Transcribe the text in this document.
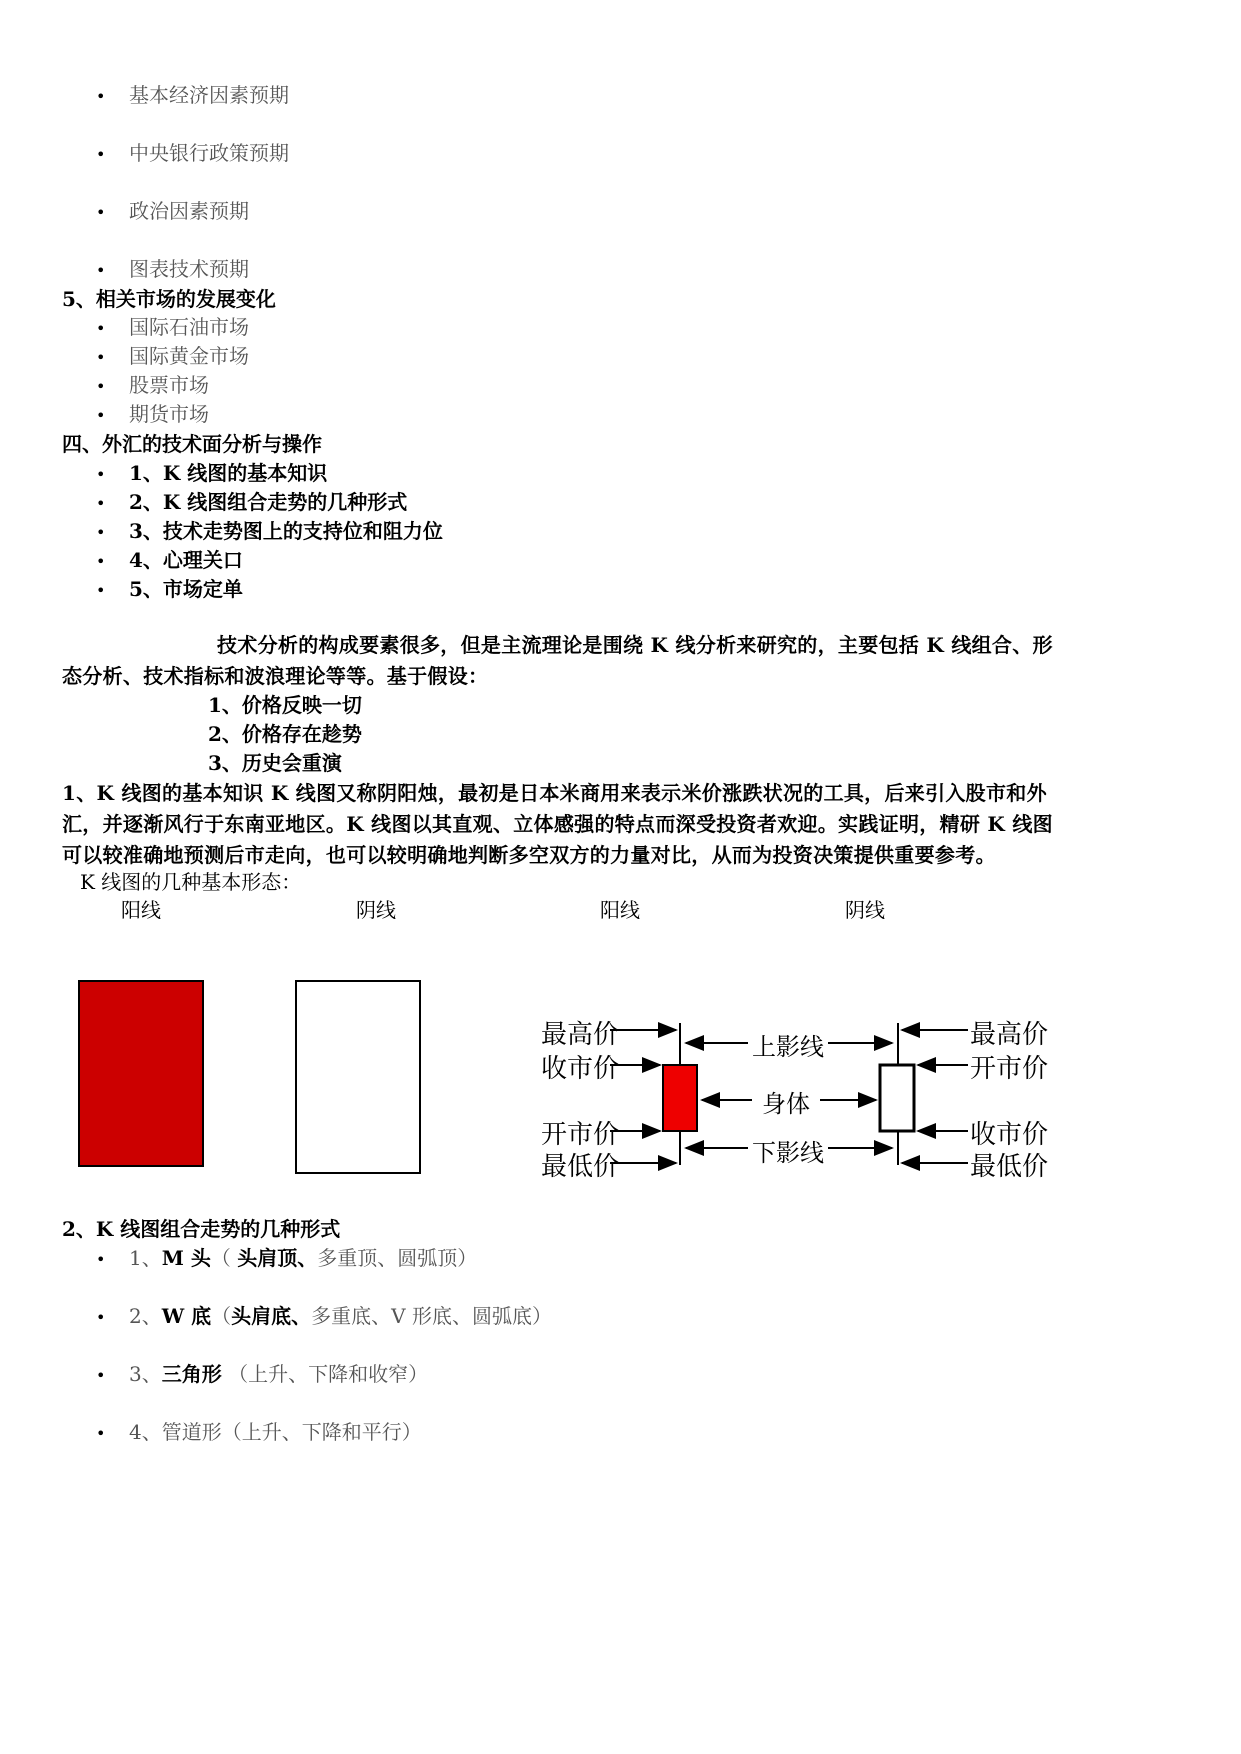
• 基本经济因素预期
• 中央银行政策预期
• 政治因素预期
• 图表技术预期
5、相关市场的发展变化
• 国际石油市场
• 国际黄金市场
• 股票市场
• 期货市场
四、外汇的技术面分析与操作
• 1、K 线图的基本知识
• 2、K 线图组合走势的几种形式
• 3、技术走势图上的支持位和阻力位
• 4、心理关口
• 5、市场定单
技术分析的构成要素很多，但是主流理论是围绕 K 线分析来研究的，主要包括 K 线组合、形态分析、技术指标和波浪理论等等。基于假设：
1、价格反映一切
2、价格存在趁势
3、历史会重演
1、K 线图的基本知识 K 线图又称阴阳烛，最初是日本米商用来表示米价涨跌状况的工具，后来引入股市和外汇，并逐渐风行于东南亚地区。K 线图以其直观、立体感强的特点而深受投资者欢迎。实践证明，精研 K 线图可以较准确地预测后市走向，也可以较明确地判断多空双方的力量对比，从而为投资决策提供重要参考。
K 线图的几种基本形态：
阳线	阴线	阳线	阴线
最高价
收市价
开市价
最低价
上影线
身体
下影线
最高价
开市价
收市价
最低价
2、K 线图组合走势的几种形式
• 1、M 头（ 头肩顶、多重顶、圆弧顶）
• 2、W 底（头肩底、多重底、V 形底、圆弧底）
• 3、三角形 （上升、下降和收窄）
• 4、管道形（上升、下降和平行）
